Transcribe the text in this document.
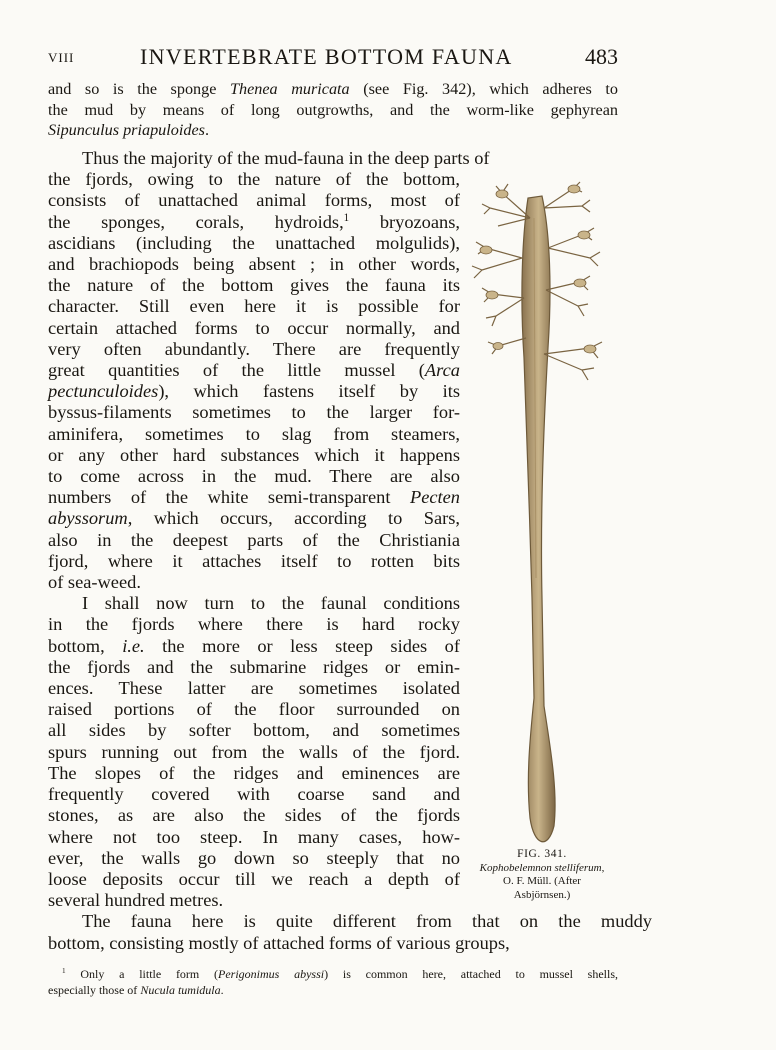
VIII	INVERTEBRATE BOTTOM FAUNA	483
and so is the sponge Thenea muricata (see Fig. 342), which adheres to
the mud by means of long outgrowths, and the worm-like gephyrean
Sipunculus priapuloides.
Thus the majority of the mud-fauna in the deep parts of
the fjords, owing to the nature of the bottom,
consists of unattached animal forms, most of
the sponges, corals, hydroids,$^1$ bryozoans,
ascidians (including the unattached molgulids),
and brachiopods being absent ; in other words,
the nature of the bottom gives the fauna its
character. Still even here it is possible for
certain attached forms to occur normally, and
very often abundantly. There are frequently
great quantities of the little mussel (Arca
pectunculoides), which fastens itself by its
byssus-filaments sometimes to the larger for-
aminifera, sometimes to slag from steamers,
or any other hard substances which it happens
to come across in the mud. There are also
numbers of the white semi-transparent Pecten
abyssorum, which occurs, according to Sars,
also in the deepest parts of the Christiania
fjord, where it attaches itself to rotten bits
of sea-weed.
I shall now turn to the faunal conditions
in the fjords where there is hard rocky
bottom, i.e. the more or less steep sides of
the fjords and the submarine ridges or emin-
ences. These latter are sometimes isolated
raised portions of the floor surrounded on
all sides by softer bottom, and sometimes
spurs running out from the walls of the fjord.
The slopes of the ridges and eminences are
frequently covered with coarse sand and
stones, as are also the sides of the fjords
where not too steep. In many cases, how-
ever, the walls go down so steeply that no
loose deposits occur till we reach a depth of
several hundred metres.
The fauna here is quite different from that on the muddy
bottom, consisting mostly of attached forms of various groups,
FIG. 341.
Kophobelemnon stelliferum,
O. F. Müll. (After
Asbjörnsen.)
$^1$ Only a little form (Perigonimus abyssi) is common here, attached to mussel shells,
especially those of Nucula tumidula.
